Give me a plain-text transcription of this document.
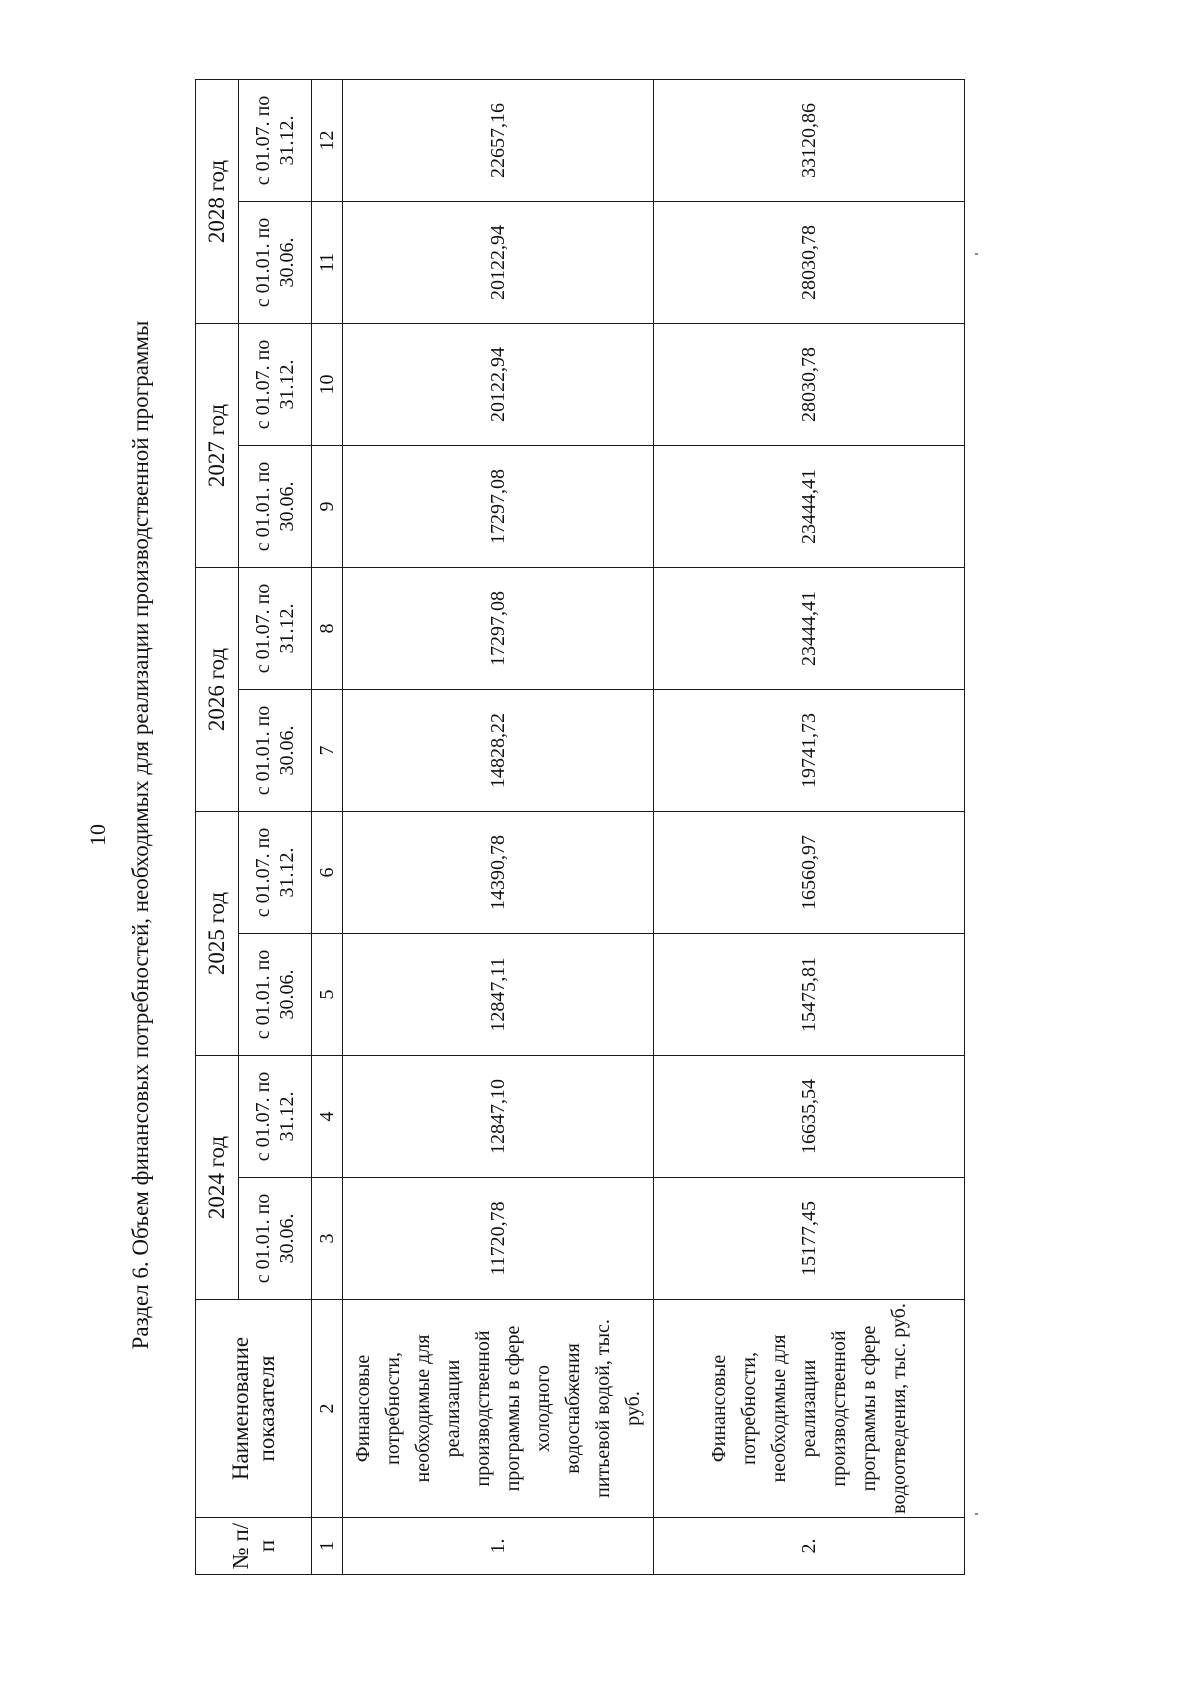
10 Раздел 6. Объем финансовых потребностей, необходимых для реализации производственной программы
№ п/п	Наименование показателя	2024 год		2025 год		2026 год		2027 год		2028 год	
		с 01.01. по 30.06.	с 01.07. по 31.12.	с 01.01. по 30.06.	с 01.07. по 31.12.	с 01.01. по 30.06.	с 01.07. по 31.12.	с 01.01. по 30.06.	с 01.07. по 31.12.	с 01.01. по 30.06.	с 01.07. по 31.12.
1	2	3	4	5	6	7	8	9	10	11	12
1.	Финансовые потребности, необходимые для реализации производственной программы в сфере холодного водоснабжения питьевой водой, тыс. руб.	11720,78	12847,10	12847,11	14390,78	14828,22	17297,08	17297,08	20122,94	20122,94	22657,16
2.	Финансовые потребности, необходимые для реализации производственной программы в сфере водоотведения, тыс. руб.	15177,45	16635,54	15475,81	16560,97	19741,73	23444,41	23444,41	28030,78	28030,78	33120,86
